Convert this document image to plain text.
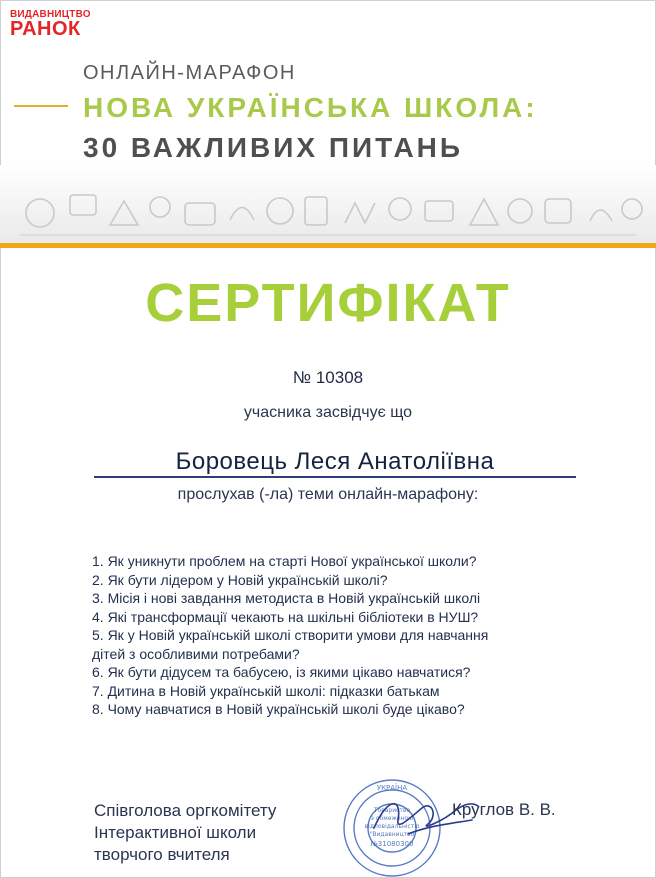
ВИДАВНИЦТВО
РАНОК
ОНЛАЙН-МАРАФОН
НОВА УКРАЇНСЬКА ШКОЛА:
30 ВАЖЛИВИХ ПИТАНЬ
СЕРТИФІКАТ
№ 10308
учасника засвідчує що
Боровець Леся Анатоліївна
прослухав (-ла) теми онлайн-марафону:
1. Як уникнути проблем на старті Нової української школи?
2. Як бути лідером у Новій українській школі?
3. Місія і нові завдання методиста в Новій українській школі
4. Які трансформації чекають на шкільні бібліотеки в НУШ?
5. Як у Новій українській школі створити умови для навчання
дітей з особливими потребами?
6. Як бути дідусем та бабусею, із якими цікаво навчатися?
7. Дитина в Новій українській школі: підказки батькам
8. Чому навчатися в Новій українській школі буде цікаво?
Співголова оргкомітету
Інтерактивної школи
творчого вчителя
УКРАЇНА
Товариство
з обмеженою
відповідальністю
"Видавництво
№31080300
Круглов В. В.
